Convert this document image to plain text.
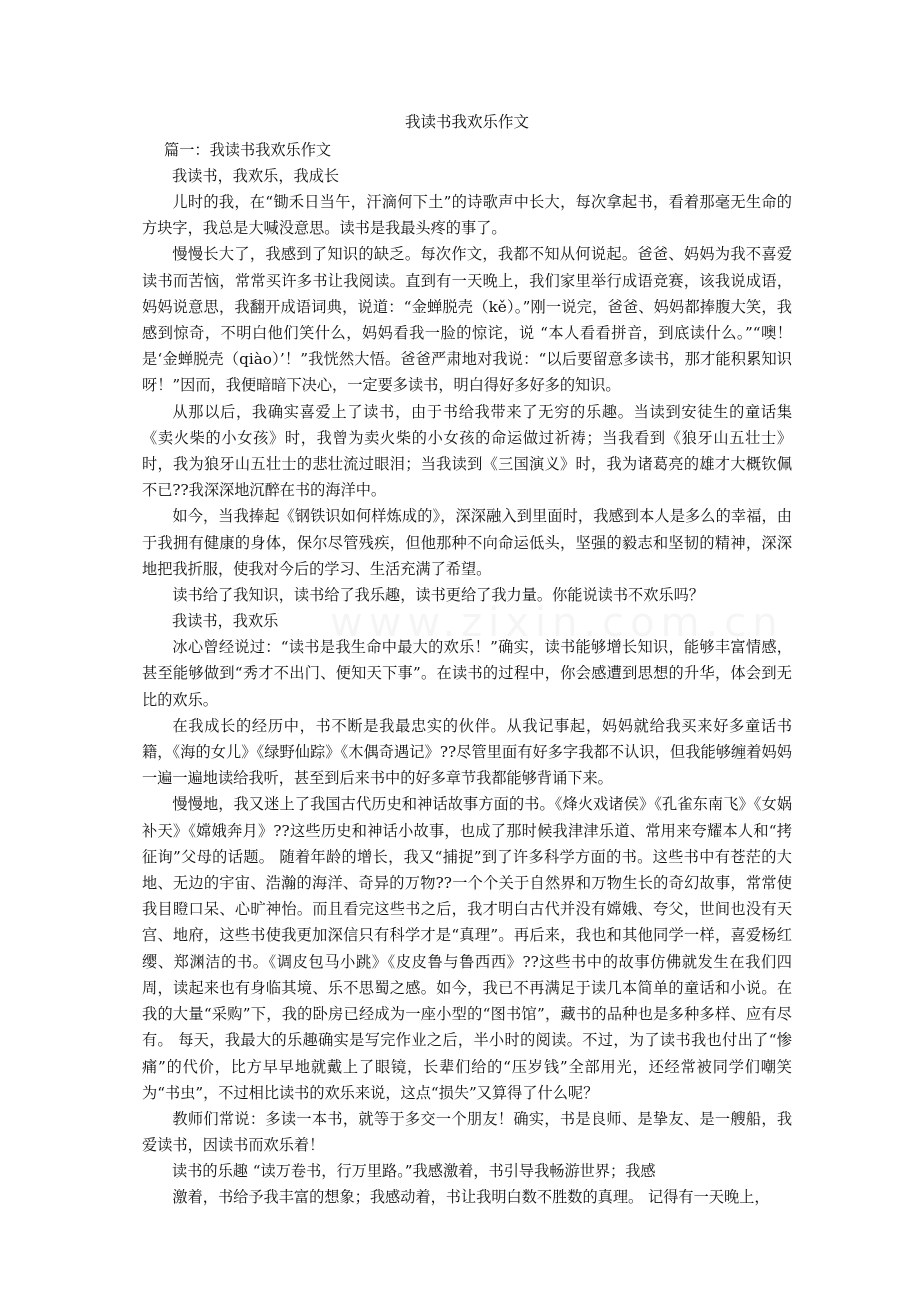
我读书我欢乐作文

篇一：我读书我欢乐作文

我读书，我欢乐，我成长

儿时的我，在“锄禾日当午，汗滴何下土”的诗歌声中长大，每次拿起书，看着那毫无生命的方块字，我总是大喊没意思。读书是我最头疼的事了。

慢慢长大了，我感到了知识的缺乏。每次作文，我都不知从何说起。爸爸、妈妈为我不喜爱读书而苦恼，常常买许多书让我阅读。直到有一天晚上，我们家里举行成语竞赛，该我说成语，妈妈说意思，我翻开成语词典，说道：“金蝉脱壳（kě）。”刚一说完，爸爸、妈妈都捧腹大笑，我感到惊奇，不明白他们笑什么，妈妈看我一脸的惊诧，说 “本人看看拼音，到底读什么。”“噢！是‘金蝉脱壳（qiào）’！”我恍然大悟。爸爸严肃地对我说：“以后要留意多读书，那才能积累知识呀！”因而，我便暗暗下决心，一定要多读书，明白得好多好多的知识。

从那以后，我确实喜爱上了读书，由于书给我带来了无穷的乐趣。当读到安徒生的童话集《卖火柴的小女孩》时，我曾为卖火柴的小女孩的命运做过祈祷；当我看到《狼牙山五壮士》时，我为狼牙山五壮士的悲壮流过眼泪；当我读到《三国演义》时，我为诸葛亮的雄才大概钦佩不已??我深深地沉醉在书的海洋中。

如今，当我捧起《钢铁识如何样炼成的》，深深融入到里面时，我感到本人是多么的幸福，由于我拥有健康的身体，保尔尽管残疾，但他那种不向命运低头，坚强的毅志和坚韧的精神，深深地把我折服，使我对今后的学习、生活充满了希望。

读书给了我知识，读书给了我乐趣，读书更给了我力量。你能说读书不欢乐吗？

我读书，我欢乐

冰心曾经说过：“读书是我生命中最大的欢乐！”确实，读书能够增长知识，能够丰富情感，甚至能够做到“秀才不出门、便知天下事”。在读书的过程中，你会感遭到思想的升华，体会到无比的欢乐。

在我成长的经历中，书不断是我最忠实的伙伴。从我记事起，妈妈就给我买来好多童话书籍，《海的女儿》《绿野仙踪》《木偶奇遇记》??尽管里面有好多字我都不认识，但我能够缠着妈妈一遍一遍地读给我听，甚至到后来书中的好多章节我都能够背诵下来。

慢慢地，我又迷上了我国古代历史和神话故事方面的书。《烽火戏诸侯》《孔雀东南飞》《女娲补天》《嫦娥奔月》??这些历史和神话小故事，也成了那时候我津津乐道、常用来夸耀本人和“拷征询”父母的话题。 随着年龄的增长，我又“捕捉”到了许多科学方面的书。这些书中有苍茫的大地、无边的宇宙、浩瀚的海洋、奇异的万物??一个个关于自然界和万物生长的奇幻故事，常常使我目瞪口呆、心旷神怡。而且看完这些书之后，我才明白古代并没有嫦娥、夸父，世间也没有天宫、地府，这些书使我更加深信只有科学才是“真理”。再后来，我也和其他同学一样，喜爱杨红缨、郑渊洁的书。《调皮包马小跳》《皮皮鲁与鲁西西》??这些书中的故事仿佛就发生在我们四周，读起来也有身临其境、乐不思蜀之感。如今，我已不再满足于读几本简单的童话和小说。在我的大量“采购”下，我的卧房已经成为一座小型的“图书馆”，藏书的品种也是多种多样、应有尽有。 每天，我最大的乐趣确实是写完作业之后，半小时的阅读。不过，为了读书我也付出了“惨痛”的代价，比方早早地就戴上了眼镜，长辈们给的“压岁钱”全部用光，还经常被同学们嘲笑为“书虫”，不过相比读书的欢乐来说，这点“损失”又算得了什么呢？

教师们常说：多读一本书，就等于多交一个朋友！确实，书是良师、是挚友、是一艘船，我爱读书，因读书而欢乐着！

读书的乐趣 “读万卷书，行万里路。”我感激着，书引导我畅游世界；我感

激着，书给予我丰富的想象；我感动着，书让我明白数不胜数的真理。 记得有一天晚上，
